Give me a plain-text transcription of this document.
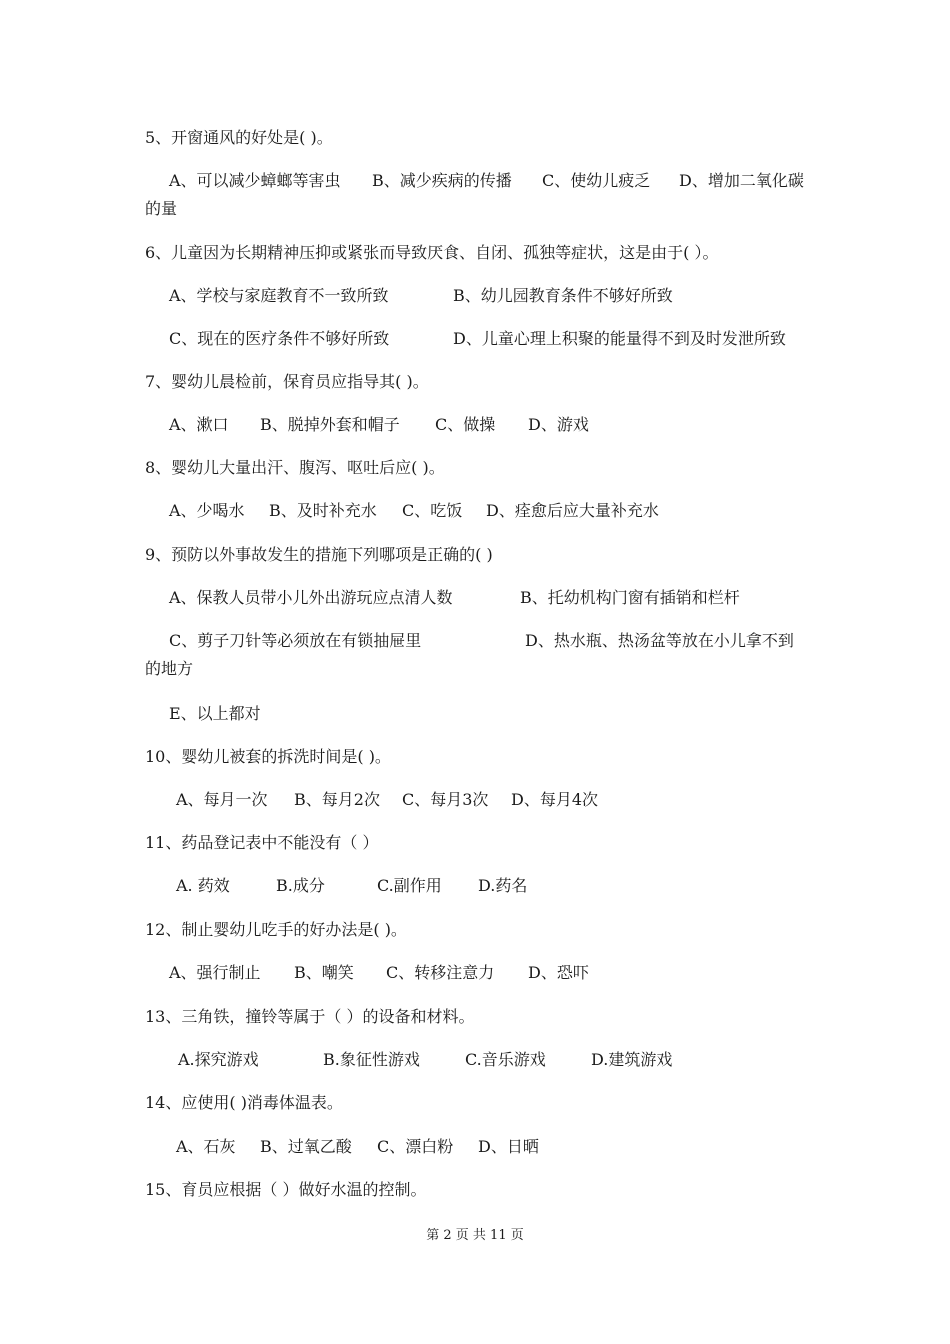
5、开窗通风的好处是( )。
A、可以减少蟑螂等害虫 B、减少疾病的传播 C、使幼儿疲乏 D、增加二氧化碳
的量
6、儿童因为长期精神压抑或紧张而导致厌食、自闭、孤独等症状，这是由于( ）。
A、学校与家庭教育不一致所致	B、幼儿园教育条件不够好所致
C、现在的医疗条件不够好所致	D、儿童心理上积聚的能量得不到及时发泄所致
7、婴幼儿晨检前，保育员应指导其( )。
A、漱口 B、脱掉外套和帽子 C、做操 D、游戏
8、婴幼儿大量出汗、腹泻、呕吐后应( )。
A、少喝水 B、及时补充水 C、吃饭 D、痊愈后应大量补充水
9、预防以外事故发生的措施下列哪项是正确的( )
A、保教人员带小儿外出游玩应点清人数	B、托幼机构门窗有插销和栏杆
C、剪子刀针等必须放在有锁抽屉里	D、热水瓶、热汤盆等放在小儿拿不到
的地方
E、以上都对
10、婴幼儿被套的拆洗时间是( )。
A、每月一次 B、每月2次 C、每月3次 D、每月4次
11、药品登记表中不能没有（ ）
A. 药效	B.成分	C.副作用 D.药名
12、制止婴幼儿吃手的好办法是( )。
A、强行制止 B、嘲笑 C、转移注意力 D、恐吓
13、三角铁，撞铃等属于（ ）的设备和材料。
A.探究游戏	B.象征性游戏	C.音乐游戏	D.建筑游戏
14、应使用( )消毒体温表。
A、石灰 B、过氧乙酸 C、漂白粉 D、日晒
15、育员应根据（ ）做好水温的控制。
第 2 页 共 11 页
